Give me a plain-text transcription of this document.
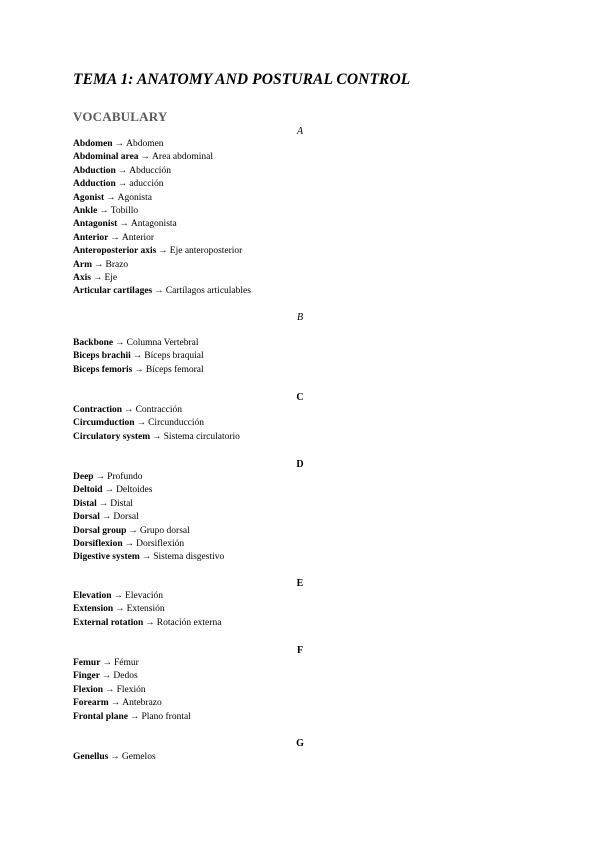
TEMA 1: ANATOMY AND POSTURAL CONTROL
VOCABULARY
A
Abdomen → Abdomen
Abdominal area → Area abdominal
Abduction → Abducción
Adduction → aducción
Agonist → Agonista
Ankle → Tobillo
Antagonist → Antagonista
Anterior → Anterior
Anteroposterior axis → Eje anteroposterior
Arm → Brazo
Axis → Eje
Articular cartilages → Cartílagos articulables
B
Backbone → Columna Vertebral
Biceps brachii → Bíceps braquial
Biceps femoris → Bíceps femoral
C
Contraction → Contracción
Circumduction → Circunducción
Circulatory system → Sistema circulatorio
D
Deep → Profundo
Deltoid → Deltoides
Distal → Distal
Dorsal → Dorsal
Dorsal group → Grupo dorsal
Dorsiflexion → Dorsiflexión
Digestive system → Sistema disgestivo
E
Elevation → Elevación
Extension → Extensión
External rotation → Rotación externa
F
Femur → Fémur
Finger → Dedos
Flexion → Flexión
Forearm → Antebrazo
Frontal plane → Plano frontal
G
Genellus → Gemelos
